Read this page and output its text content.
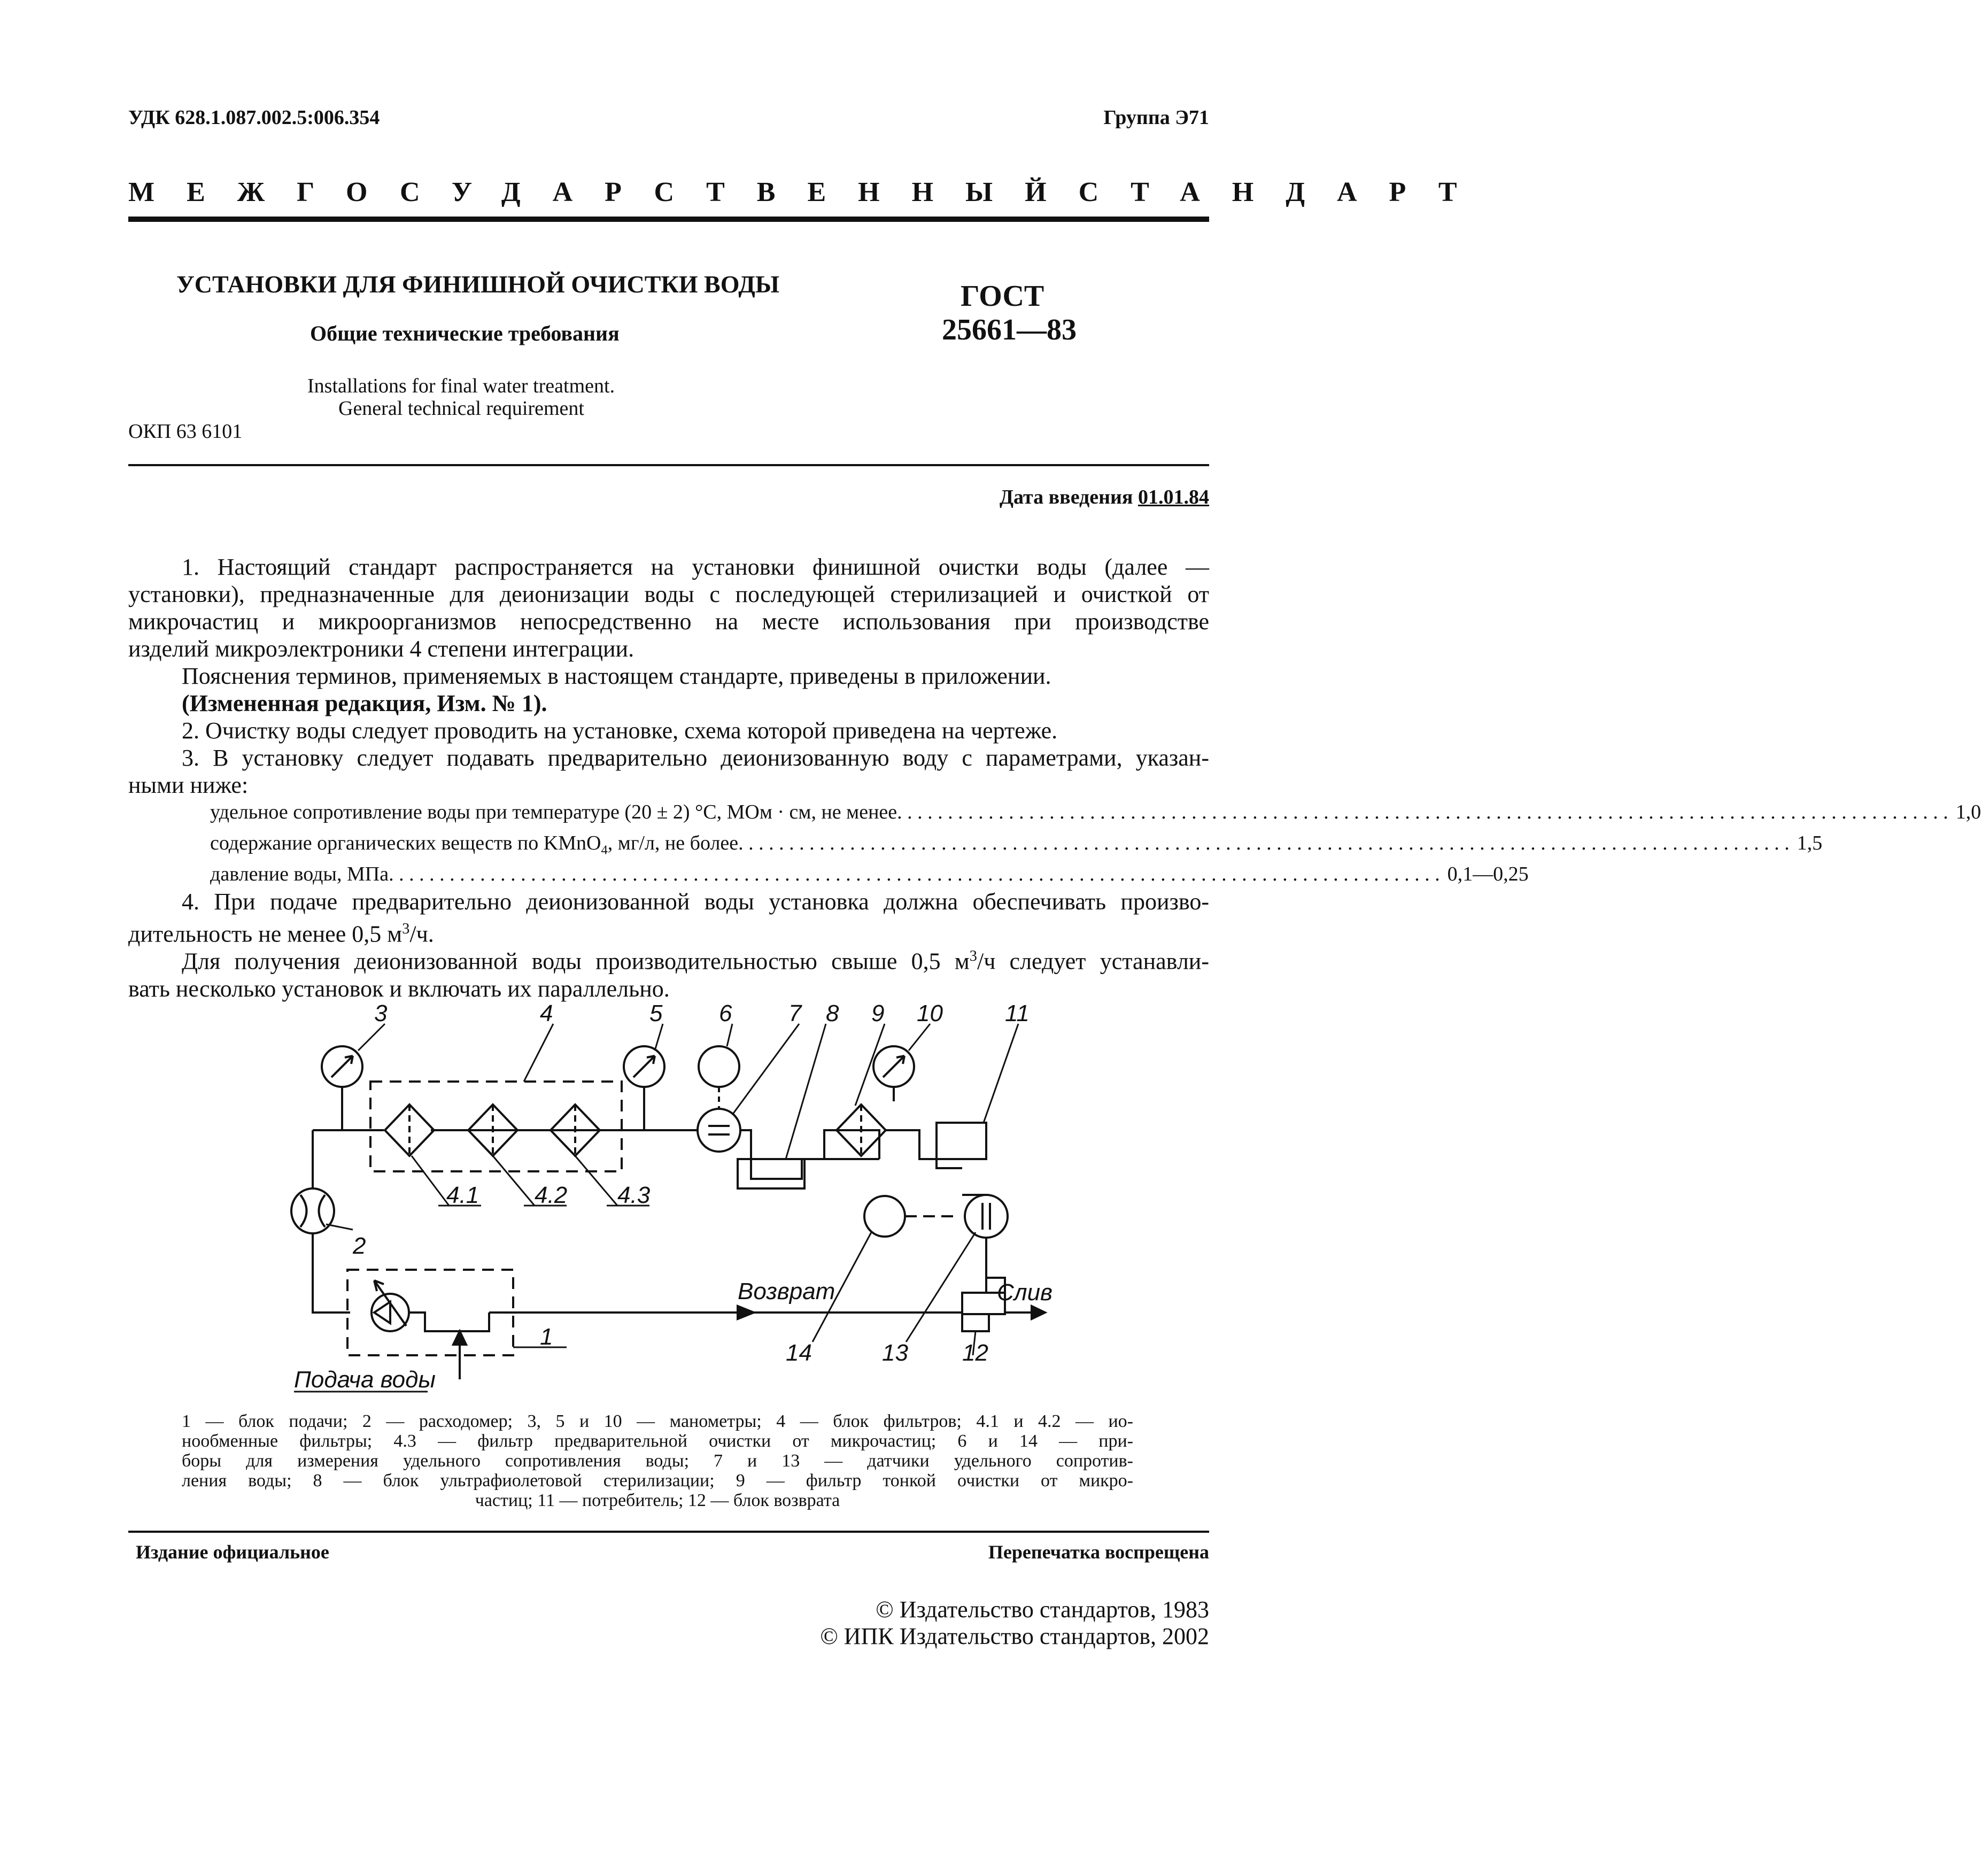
УДК 628.1.087.002.5:006.354	Группа Э71
МЕЖГОСУДАРСТВЕННЫЙ СТАНДАРТ
УСТАНОВКИ ДЛЯ ФИНИШНОЙ ОЧИСТКИ ВОДЫ
Общие технические требования
Installations for final water treatment.
General technical requirement
ОКП 63 6101
ГОСТ
25661—83
Дата введения 01.01.84
1. Настоящий стандарт распространяется на установки финишной очистки воды (далее —
установки), предназначенные для деионизации воды с последующей стерилизацией и очисткой от
микрочастиц и микроорганизмов непосредственно на месте использования при производстве
изделий микроэлектроники 4 степени интеграции.
Пояснения терминов, применяемых в настоящем стандарте, приведены в приложении.
(Измененная редакция, Изм. № 1).
2. Очистку воды следует проводить на установке, схема которой приведена на чертеже.
3. В установку следует подавать предварительно деионизованную воду с параметрами, указан-
ными ниже:
удельное сопротивление воды при температуре (20 ± 2) °С, МОм · см, не менее . . .	1,0
содержание органических веществ по KMnO$_4$, мг/л, не более . . .	1,5
давление воды, МПа . . .	0,1—0,25
4. При подаче предварительно деионизованной воды установка должна обеспечивать произво-
дительность не менее 0,5 $м^3/ч$.
Для получения деионизованной воды производительностью свыше 0,5 $м^3/ч$ следует устанавли-
вать несколько установок и включать их параллельно.
3	4	5 6 7 8 9 10	11
2
4.1 4.2 4.3
1
14	13 12
Возврат	Слив
Подача воды
1 — блок подачи; 2 — расходомер; 3, 5 и 10 — манометры; 4 — блок фильтров; 4.1 и 4.2 — ио-
нообменные фильтры; 4.3 — фильтр предварительной очистки от микрочастиц; 6 и 14 — при-
боры для измерения удельного сопротивления воды; 7 и 13 — датчики удельного сопротив-
ления воды; 8 — блок ультрафиолетовой стерилизации; 9 — фильтр тонкой очистки от микро-
частиц; 11 — потребитель; 12 — блок возврата
Издание официальное	Перепечатка воспрещена
© Издательство стандартов, 1983
© ИПК Издательство стандартов, 2002
